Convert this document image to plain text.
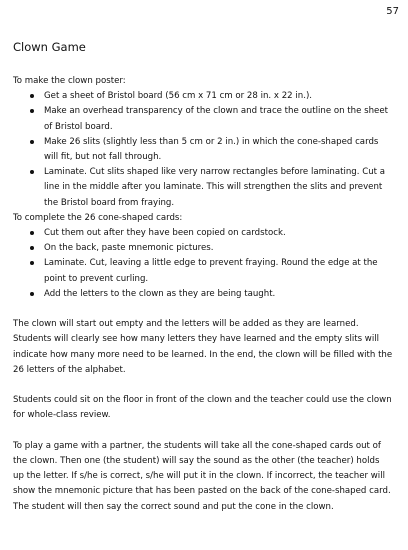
57
Clown Game
To make the clown poster:
Get a sheet of Bristol board (56 cm x 71 cm or 28 in. x 22 in.).
Make an overhead transparency of the clown and trace the outline on the sheet of Bristol board.
Make 26 slits (slightly less than 5 cm or 2 in.) in which the cone-shaped cards will fit, but not fall through.
Laminate. Cut slits shaped like very narrow rectangles before laminating. Cut a line in the middle after you laminate. This will strengthen the slits and prevent the Bristol board from fraying.
To complete the 26 cone-shaped cards:
Cut them out after they have been copied on cardstock.
On the back, paste mnemonic pictures.
Laminate. Cut, leaving a little edge to prevent fraying. Round the edge at the point to prevent curling.
Add the letters to the clown as they are being taught.

The clown will start out empty and the letters will be added as they are learned. Students will clearly see how many letters they have learned and the empty slits will indicate how many more need to be learned. In the end, the clown will be filled with the 26 letters of the alphabet.

Students could sit on the floor in front of the clown and the teacher could use the clown for whole-class review.

To play a game with a partner, the students will take all the cone-shaped cards out of the clown. Then one (the student) will say the sound as the other (the teacher) holds up the letter. If s/he is correct, s/he will put it in the clown. If incorrect, the teacher will show the mnemonic picture that has been pasted on the back of the cone-shaped card. The student will then say the correct sound and put the cone in the clown.
